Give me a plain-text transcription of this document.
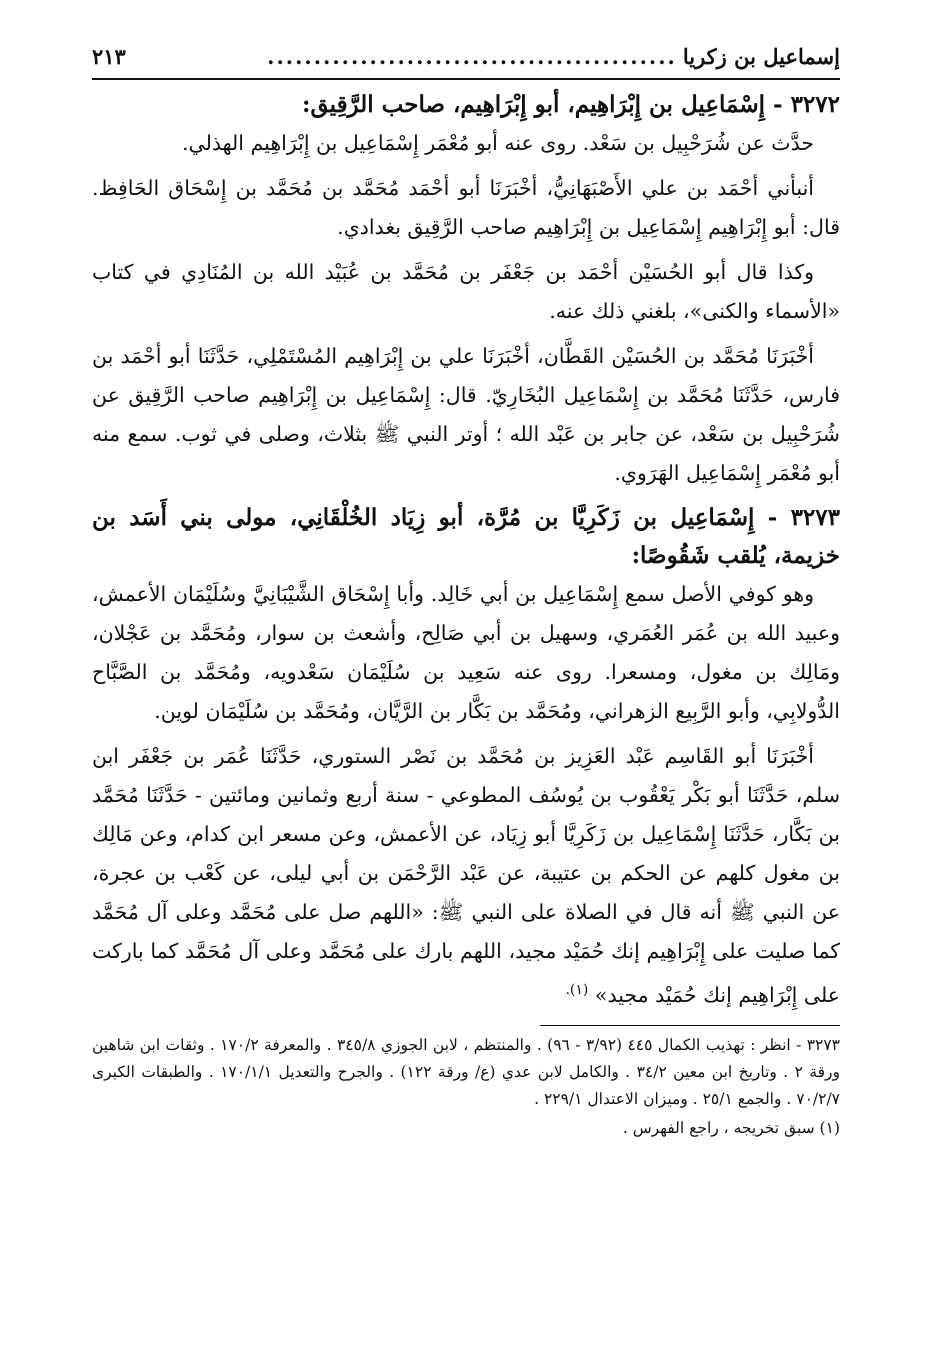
إسماعيل بن زكريا
............................................
٢١٣

٣٢٧٢ - إِسْمَاعِيل بن إِبْرَاهِيم، أبو إِبْرَاهِيم، صاحب الرَّقِيق:

حدَّث عن شُرَحْبِيل بن سَعْد. روى عنه أبو مُعْمَر إِسْمَاعِيل بن إِبْرَاهِيم الهذلي.

أنبأني أحْمَد بن علي الأَصْبَهَانِيُّ، أخْبَرَنَا أبو أحْمَد مُحَمَّد بن مُحَمَّد بن إِسْحَاق الحَافِظ. قال: أبو إِبْرَاهِيم إِسْمَاعِيل بن إِبْرَاهِيم صاحب الرَّقِيق بغدادي.

وكذا قال أبو الحُسَيْن أحْمَد بن جَعْفَر بن مُحَمَّد بن عُبَيْد الله بن المُنَادِي في كتاب «الأسماء والكنى»، بلغني ذلك عنه.

أخْبَرَنَا مُحَمَّد بن الحُسَيْن القَطَّان، أخْبَرَنَا علي بن إِبْرَاهِيم المُسْتَمْلِي، حَدَّثَنَا أبو أحْمَد بن فارس، حَدَّثَنَا مُحَمَّد بن إِسْمَاعِيل البُخَارِيّ. قال: إِسْمَاعِيل بن إِبْرَاهِيم صاحب الرَّقِيق عن شُرَحْبِيل بن سَعْد، عن جابر بن عَبْد الله ؛ أوتر النبي ﷺ بثلاث، وصلى في ثوب. سمع منه أبو مُعْمَر إِسْمَاعِيل الهَرَوي.

٣٢٧٣ - إِسْمَاعِيل بن زَكَرِيَّا بن مُرَّة، أبو زِيَاد الخُلْقَانِي، مولى بني أَسَد بن خزيمة، يُلقب شَقُوصًا:

وهو كوفي الأصل سمع إِسْمَاعِيل بن أبي خَالِد. وأبا إِسْحَاق الشَّيْبَانِيَّ وسُلَيْمَان الأعمش، وعبيد الله بن عُمَر العُمَري، وسهيل بن أبي صَالِح، وأشعث بن سوار، ومُحَمَّد بن عَجْلان، ومَالِك بن مغول، ومسعرا. روى عنه سَعِيد بن سُلَيْمَان سَعْدويه، ومُحَمَّد بن الصَّبَّاح الدُّولابِي، وأبو الرَّبِيع الزهراني، ومُحَمَّد بن بَكَّار بن الرَّيَّان، ومُحَمَّد بن سُلَيْمَان لوين.

أخْبَرَنَا أبو القَاسِم عَبْد العَزِيز بن مُحَمَّد بن نَصْر الستوري، حَدَّثَنَا عُمَر بن جَعْفَر ابن سلم، حَدَّثَنَا أبو بَكْر يَعْقُوب بن يُوسُف المطوعي - سنة أربع وثمانين ومائتين - حَدَّثَنَا مُحَمَّد بن بَكَّار، حَدَّثَنَا إِسْمَاعِيل بن زَكَرِيَّا أبو زِيَاد، عن الأعمش، وعن مسعر ابن كدام، وعن مَالِك بن مغول كلهم عن الحكم بن عتيبة، عن عَبْد الرَّحْمَن بن أبي ليلى، عن كَعْب بن عجرة، عن النبي ﷺ أنه قال في الصلاة على النبي ﷺ: «اللهم صل على مُحَمَّد وعلى آل مُحَمَّد كما صليت على إِبْرَاهِيم إنك حُمَيْد مجيد، اللهم بارك على مُحَمَّد وعلى آل مُحَمَّد كما باركت على إِبْرَاهِيم إنك حُمَيْد مجيد» $^{(١).}$

٣٢٧٣ - انظر : تهذيب الكمال ٤٤٥ (٣/٩٢ - ٩٦) . والمنتظم ، لابن الجوزي ٣٤٥/٨ . والمعرفة ١٧٠/٢ . وثقات ابن شاهين ورقة ٢ . وتاريخ ابن معين ٣٤/٢ . والكامل لابن عدي (ع/ ورقة ١٢٢) . والجرح والتعديل ١٧٠/١/١ . والطبقات الكبرى ٧٠/٢/٧ . والجمع ٢٥/١ . وميزان الاعتدال ٢٢٩/١ .

(١) سبق تخريجه ، راجع الفهرس .
